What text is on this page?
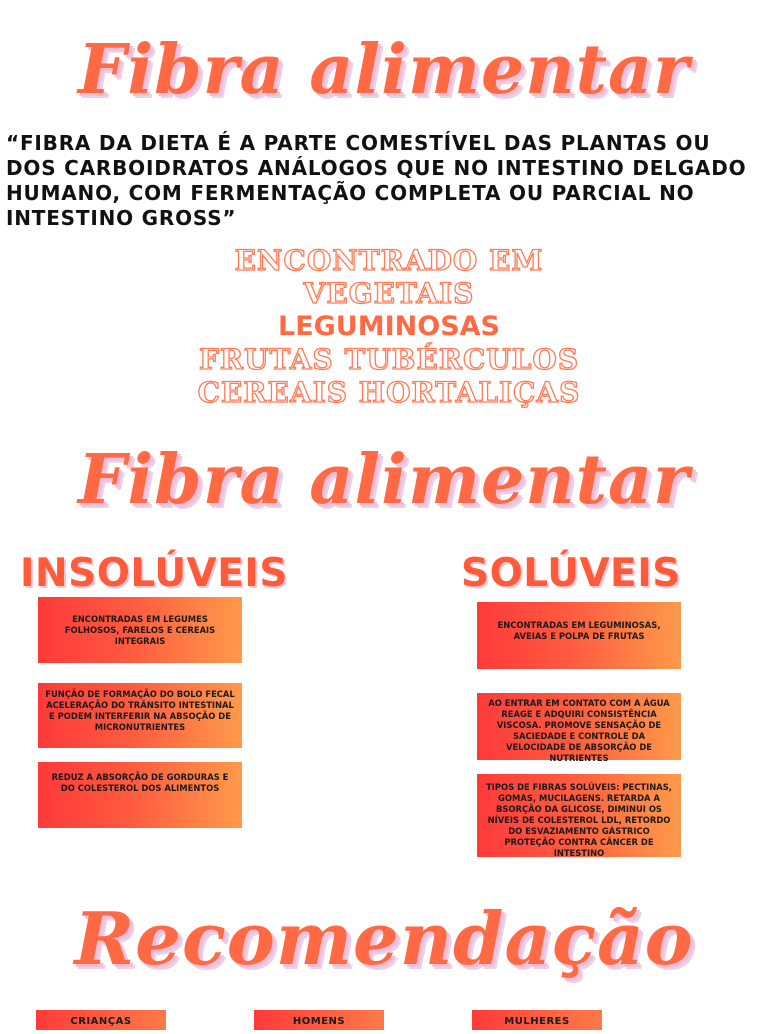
Fibra alimentar

“FIBRA DA DIETA É A PARTE COMESTÍVEL DAS PLANTAS OU DOS CARBOIDRATOS ANÁLOGOS QUE NO INTESTINO DELGADO HUMANO, COM FERMENTAÇÃO COMPLETA OU PARCIAL NO INTESTINO GROSS”

ENCONTRADO EM
VEGETAIS
LEGUMINOSAS
FRUTAS TUBÉRCULOS
CEREAIS HORTALIÇAS
Fibra alimentar
INSOLÚVEIS	SOLÚVEIS
ENCONTRADAS EM LEGUMES FOLHOSOS, FARELOS E CEREAIS INTEGRAIS
FUNÇÃO DE FORMAÇÃO DO BOLO FECAL ACELERAÇÃO DO TRÂNSITO INTESTINAL E PODEM INTERFERIR NA ABSOÇÃO DE MICRONUTRIENTES
REDUZ A ABSORÇÃO DE GORDURAS E DO COLESTEROL DOS ALIMENTOS
ENCONTRADAS EM LEGUMINOSAS, AVEIAS E POLPA DE FRUTAS
AO ENTRAR EM CONTATO COM A ÁGUA REAGE E ADQUIRI CONSISTÊNCIA VISCOSA. PROMOVE SENSAÇÃO DE SACIEDADE E CONTROLE DA VELOCIDADE DE ABSORÇÃO DE NUTRIENTES
TIPOS DE FIBRAS SOLÚVEIS: PECTINAS, GOMAS, MUCILAGENS. RETARDA A BSORÇÃO DA GLICOSE, DIMINUI OS NÍVEIS DE COLESTEROL LDL, RETORDO DO ESVAZIAMENTO GÁSTRICO PROTEÇÃO CONTRA CÂNCER DE INTESTINO
Recomendação
CRIANÇAS	HOMENS	MULHERES
